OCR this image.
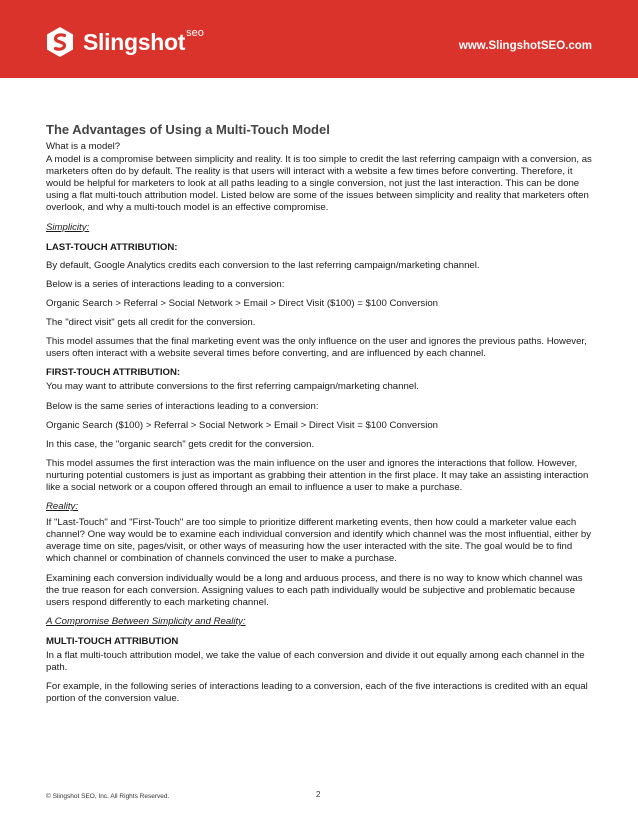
Slingshot seo
www.SlingshotSEO.com
The Advantages of Using a Multi-Touch Model

What is a model?

A model is a compromise between simplicity and reality. It is too simple to credit the last referring campaign with a conversion, as marketers often do by default. The reality is that users will interact with a website a few times before converting. Therefore, it would be helpful for marketers to look at all paths leading to a single conversion, not just the last interaction. This can be done using a flat multi-touch attribution model. Listed below are some of the issues between simplicity and reality that marketers often overlook, and why a multi-touch model is an effective compromise.

Simplicity:
LAST-TOUCH ATTRIBUTION:

By default, Google Analytics credits each conversion to the last referring campaign/marketing channel.

Below is a series of interactions leading to a conversion:

Organic Search > Referral > Social Network > Email > Direct Visit ($100) = $100 Conversion

The "direct visit" gets all credit for the conversion.

This model assumes that the final marketing event was the only influence on the user and ignores the previous paths. However, users often interact with a website several times before converting, and are influenced by each channel.

FIRST-TOUCH ATTRIBUTION:

You may want to attribute conversions to the first referring campaign/marketing channel.

Below is the same series of interactions leading to a conversion:

Organic Search ($100) > Referral > Social Network > Email > Direct Visit = $100 Conversion

In this case, the "organic search" gets credit for the conversion.

This model assumes the first interaction was the main influence on the user and ignores the interactions that follow. However, nurturing potential customers is just as important as grabbing their attention in the first place. It may take an assisting interaction like a social network or a coupon offered through an email to influence a user to make a purchase.

Reality:

If "Last-Touch" and "First-Touch" are too simple to prioritize different marketing events, then how could a marketer value each channel? One way would be to examine each individual conversion and identify which channel was the most influential, either by average time on site, pages/visit, or other ways of measuring how the user interacted with the site. The goal would be to find which channel or combination of channels convinced the user to make a purchase.

Examining each conversion individually would be a long and arduous process, and there is no way to know which channel was the true reason for each conversion. Assigning values to each path individually would be subjective and problematic because users respond differently to each marketing channel.

A Compromise Between Simplicity and Reality:
MULTI-TOUCH ATTRIBUTION

In a flat multi-touch attribution model, we take the value of each conversion and divide it out equally among each channel in the path.

For example, in the following series of interactions leading to a conversion, each of the five interactions is credited with an equal portion of the conversion value.

© Slingshot SEO, Inc. All Rights Reserved.	2
